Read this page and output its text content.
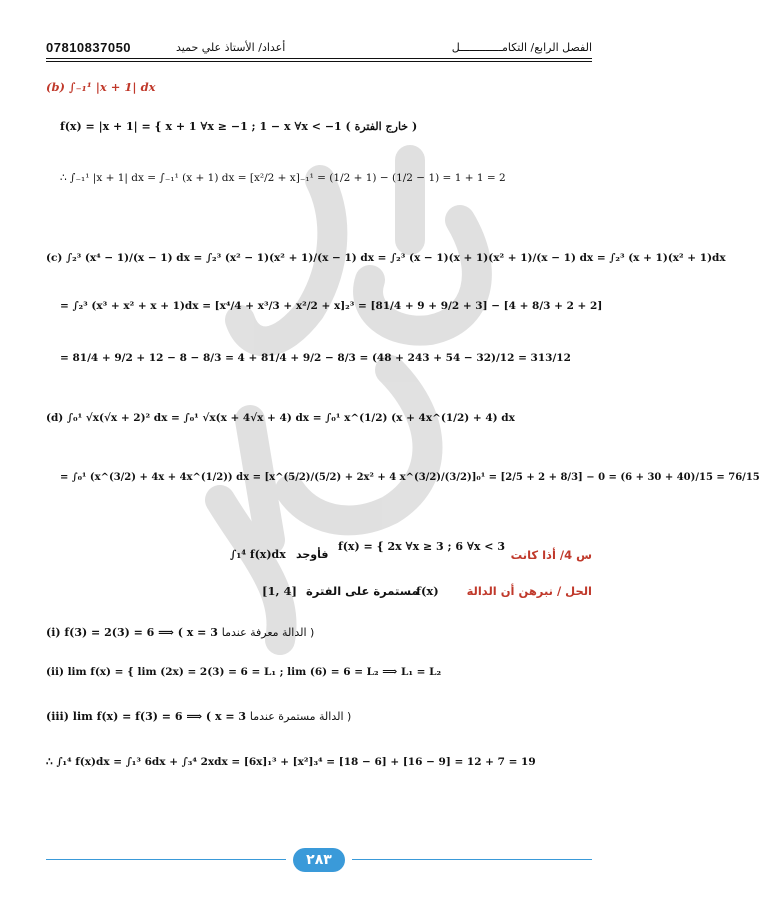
07810837050	أعداد/ الأستاذ علي حميد	الفصل الرابع/ التكامـــــــــــــل
(b) ∫₋₁¹ |x + 1| dx
f(x) = |x + 1| = { x + 1 ∀x ≥ −1 ; 1 − x ∀x < −1 ( خارج الفترة )
∴ ∫₋₁¹ |x + 1| dx = ∫₋₁¹ (x + 1) dx = [x²/2 + x]₋₁¹ = (1/2 + 1) − (1/2 − 1) = 1 + 1 = 2
(c) ∫₂³ (x⁴ − 1)/(x − 1) dx = ∫₂³ (x² − 1)(x² + 1)/(x − 1) dx = ∫₂³ (x − 1)(x + 1)(x² + 1)/(x − 1) dx = ∫₂³ (x + 1)(x² + 1)dx
= ∫₂³ (x³ + x² + x + 1)dx = [x⁴/4 + x³/3 + x²/2 + x]₂³ = [81/4 + 9 + 9/2 + 3] − [4 + 8/3 + 2 + 2]
= 81/4 + 9/2 + 12 − 8 − 8/3 = 4 + 81/4 + 9/2 − 8/3 = (48 + 243 + 54 − 32)/12 = 313/12
(d) ∫₀¹ √x(√x + 2)² dx = ∫₀¹ √x(x + 4√x + 4) dx = ∫₀¹ x^(1/2) (x + 4x^(1/2) + 4) dx
= ∫₀¹ (x^(3/2) + 4x + 4x^(1/2)) dx = [x^(5/2)/(5/2) + 2x² + 4 x^(3/2)/(3/2)]₀¹ = [2/5 + 2 + 8/3] − 0 = (6 + 30 + 40)/15 = 76/15
س 4/ أذا كانت
f(x) = { 2x ∀x ≥ 3 ; 6 ∀x < 3
فأوجد
∫₁⁴ f(x)dx
الحل / نبرهن أن الدالة
f(x)
مستمرة على الفترة
[1, 4]
(i) f(3) = 2(3) = 6 ⟹ ( x = 3 الدالة معرفة عندما )
(ii) lim f(x) = { lim (2x) = 2(3) = 6 = L₁ ; lim (6) = 6 = L₂ ⟹ L₁ = L₂
(iii) lim f(x) = f(3) = 6 ⟹ ( x = 3 الدالة مستمرة عندما )
∴ ∫₁⁴ f(x)dx = ∫₁³ 6dx + ∫₃⁴ 2xdx = [6x]₁³ + [x²]₃⁴ = [18 − 6] + [16 − 9] = 12 + 7 = 19
٢٨٣
